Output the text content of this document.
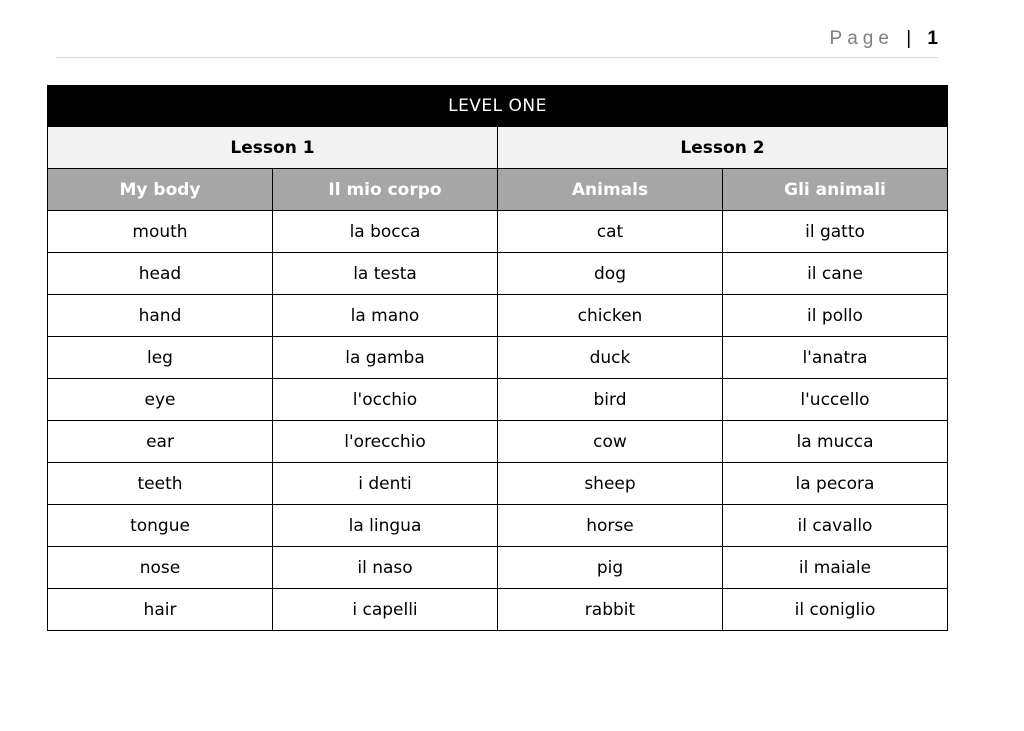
Page | 1
LEVEL ONE			
Lesson 1		Lesson 2	
My body	Il mio corpo	Animals	Gli animali
mouth	la bocca	cat	il gatto
head	la testa	dog	il cane
hand	la mano	chicken	il pollo
leg	la gamba	duck	l'anatra
eye	l'occhio	bird	l'uccello
ear	l'orecchio	cow	la mucca
teeth	i denti	sheep	la pecora
tongue	la lingua	horse	il cavallo
nose	il naso	pig	il maiale
hair	i capelli	rabbit	il coniglio
